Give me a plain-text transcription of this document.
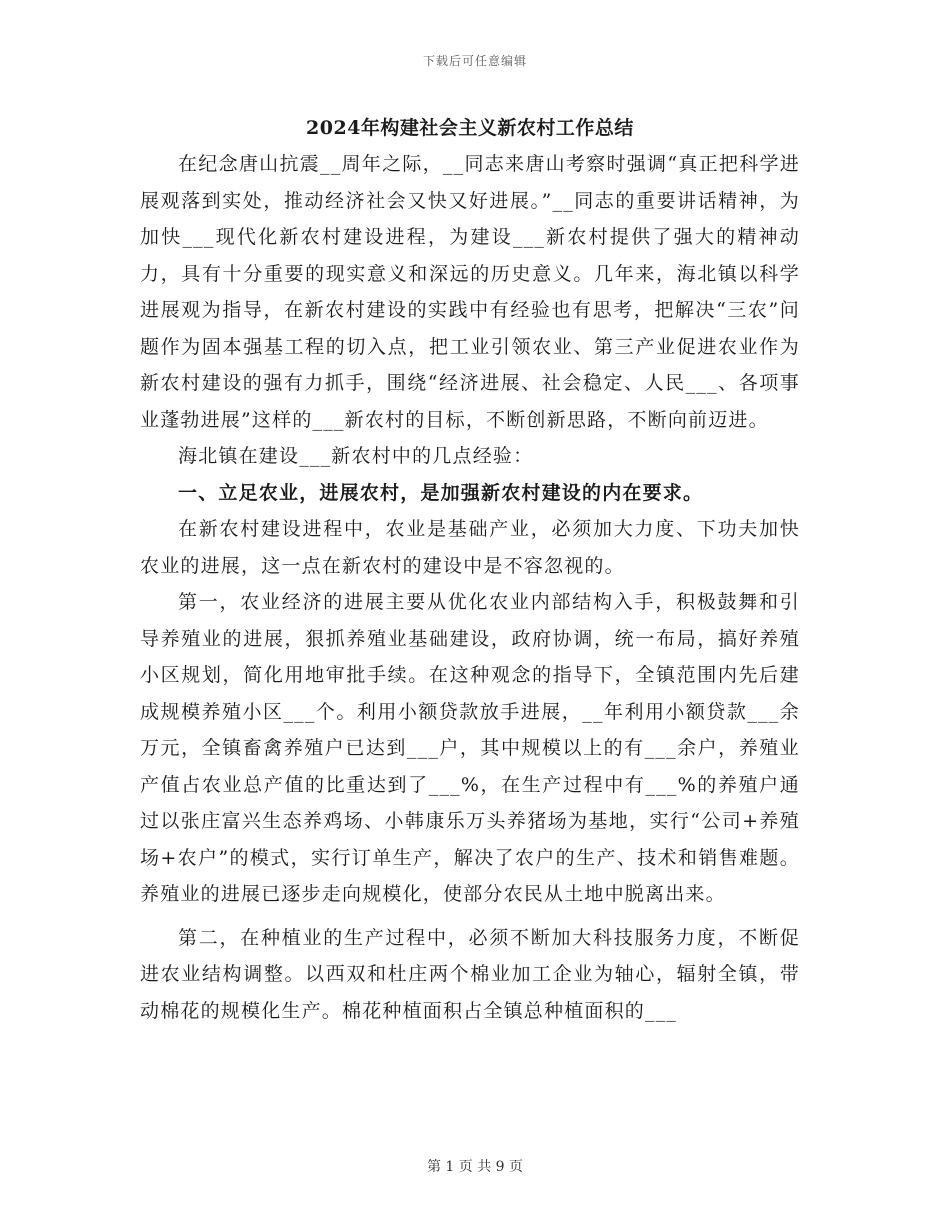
下载后可任意编辑
2024年构建社会主义新农村工作总结

在纪念唐山抗震__周年之际，__同志来唐山考察时强调“真正把科学进展观落到实处，推动经济社会又快又好进展。”__同志的重要讲话精神，为加快___现代化新农村建设进程，为建设___新农村提供了强大的精神动力，具有十分重要的现实意义和深远的历史意义。几年来，海北镇以科学进展观为指导，在新农村建设的实践中有经验也有思考，把解决“三农”问题作为固本强基工程的切入点，把工业引领农业、第三产业促进农业作为新农村建设的强有力抓手，围绕“经济进展、社会稳定、人民___、各项事业蓬勃进展”这样的___新农村的目标，不断创新思路，不断向前迈进。

海北镇在建设___新农村中的几点经验：

一、立足农业，进展农村，是加强新农村建设的内在要求。

在新农村建设进程中，农业是基础产业，必须加大力度、下功夫加快农业的进展，这一点在新农村的建设中是不容忽视的。

第一，农业经济的进展主要从优化农业内部结构入手，积极鼓舞和引导养殖业的进展，狠抓养殖业基础建设，政府协调，统一布局，搞好养殖小区规划，简化用地审批手续。在这种观念的指导下，全镇范围内先后建成规模养殖小区___个。利用小额贷款放手进展，__年利用小额贷款___余万元，全镇畜禽养殖户已达到___户，其中规模以上的有___余户，养殖业产值占农业总产值的比重达到了___%，在生产过程中有___%的养殖户通过以张庄富兴生态养鸡场、小韩康乐万头养猪场为基地，实行“公司+养殖场+农户”的模式，实行订单生产，解决了农户的生产、技术和销售难题。养殖业的进展已逐步走向规模化，使部分农民从土地中脱离出来。

第二，在种植业的生产过程中，必须不断加大科技服务力度，不断促进农业结构调整。以西双和杜庄两个棉业加工企业为轴心，辐射全镇，带动棉花的规模化生产。棉花种植面积占全镇总种植面积的___

第 1 页 共 9 页
